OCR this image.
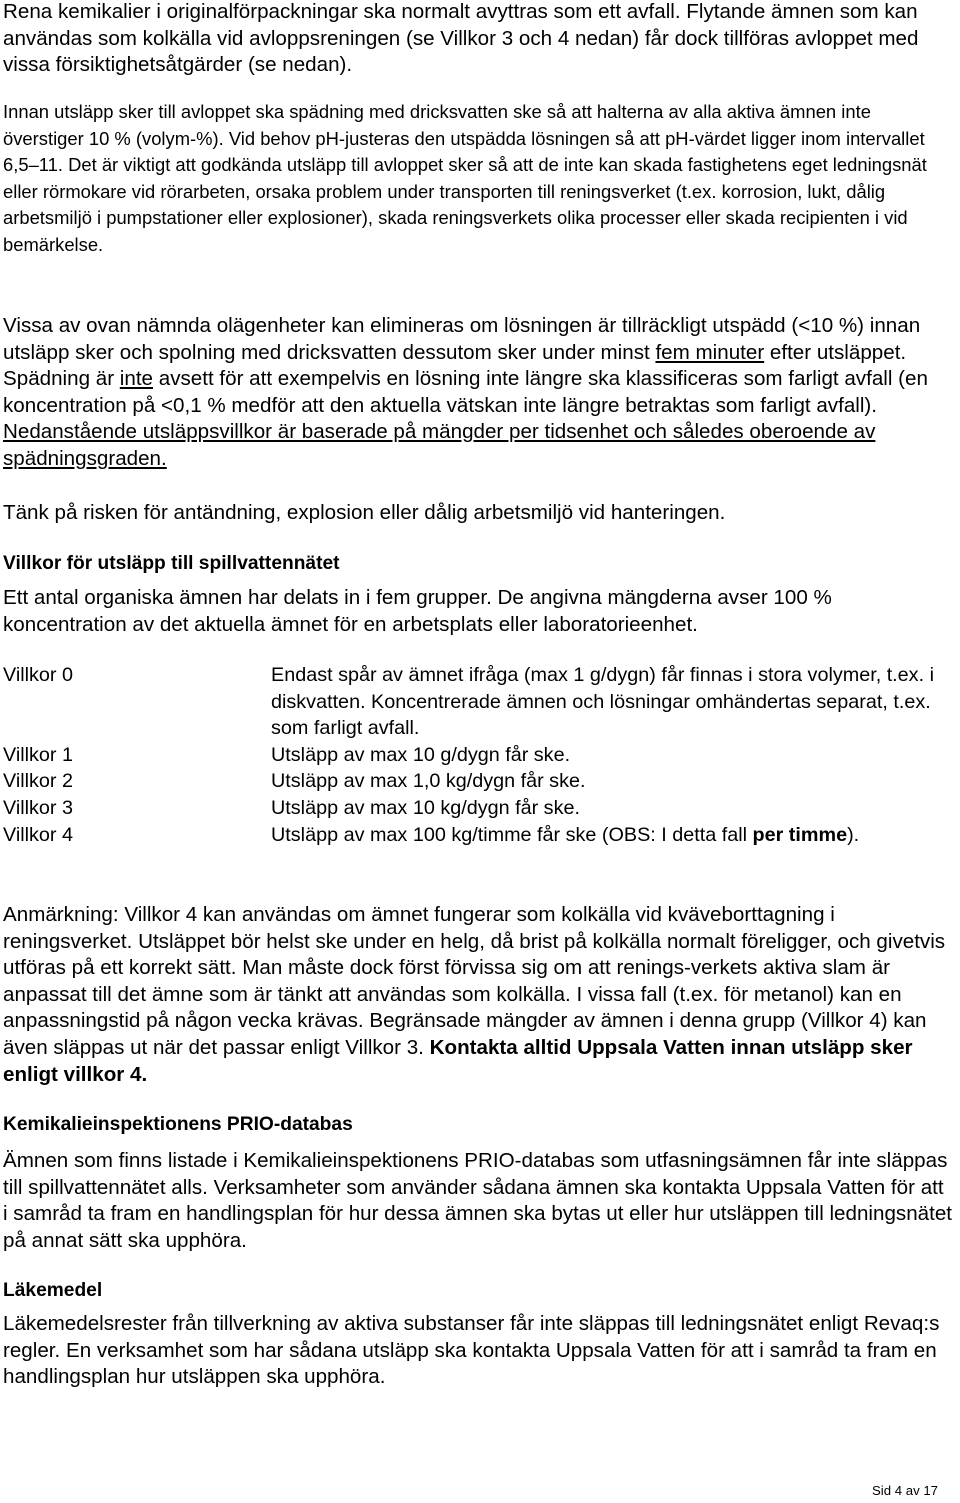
Rena kemikalier i originalförpackningar ska normalt avyttras som ett avfall. Flytande ämnen som kan användas som kolkälla vid avloppsreningen (se Villkor 3 och 4 nedan) får dock tillföras avloppet med vissa försiktighetsåtgärder (se nedan).

Innan utsläpp sker till avloppet ska spädning med dricksvatten ske så att halterna av alla aktiva ämnen inte överstiger 10 % (volym-%). Vid behov pH-justeras den utspädda lösningen så att pH-värdet ligger inom intervallet 6,5–11. Det är viktigt att godkända utsläpp till avloppet sker så att de inte kan skada fastighetens eget ledningsnät eller rörmokare vid rörarbeten, orsaka problem under transporten till reningsverket (t.ex. korrosion, lukt, dålig arbetsmiljö i pumpstationer eller explosioner), skada reningsverkets olika processer eller skada recipienten i vid bemärkelse.

Vissa av ovan nämnda olägenheter kan elimineras om lösningen är tillräckligt utspädd (<10 %) innan utsläpp sker och spolning med dricksvatten dessutom sker under minst fem minuter efter utsläppet. Spädning är inte avsett för att exempelvis en lösning inte längre ska klassificeras som farligt avfall (en koncentration på <0,1 % medför att den aktuella vätskan inte längre betraktas som farligt avfall). Nedanstående utsläppsvillkor är baserade på mängder per tidsenhet och således oberoende av spädningsgraden.

Tänk på risken för antändning, explosion eller dålig arbetsmiljö vid hanteringen.

Villkor för utsläpp till spillvattennätet

Ett antal organiska ämnen har delats in i fem grupper. De angivna mängderna avser 100 % koncentration av det aktuella ämnet för en arbetsplats eller laboratorieenhet.

Villkor 0	Endast spår av ämnet ifråga (max 1 g/dygn) får finnas i stora volymer, t.ex. i diskvatten. Koncentrerade ämnen och lösningar omhändertas separat, t.ex. som farligt avfall.
Villkor 1	Utsläpp av max 10 g/dygn får ske.
Villkor 2	Utsläpp av max 1,0 kg/dygn får ske.
Villkor 3	Utsläpp av max 10 kg/dygn får ske.
Villkor 4	Utsläpp av max 100 kg/timme får ske (OBS: I detta fall per timme).

Anmärkning: Villkor 4 kan användas om ämnet fungerar som kolkälla vid kväveborttagning i reningsverket. Utsläppet bör helst ske under en helg, då brist på kolkälla normalt föreligger, och givetvis utföras på ett korrekt sätt. Man måste dock först förvissa sig om att renings-verkets aktiva slam är anpassat till det ämne som är tänkt att användas som kolkälla. I vissa fall (t.ex. för metanol) kan en anpassningstid på någon vecka krävas. Begränsade mängder av ämnen i denna grupp (Villkor 4) kan även släppas ut när det passar enligt Villkor 3. Kontakta alltid Uppsala Vatten innan utsläpp sker enligt villkor 4.

Kemikalieinspektionens PRIO-databas

Ämnen som finns listade i Kemikalieinspektionens PRIO-databas som utfasningsämnen får inte släppas till spillvattennätet alls. Verksamheter som använder sådana ämnen ska kontakta Uppsala Vatten för att i samråd ta fram en handlingsplan för hur dessa ämnen ska bytas ut eller hur utsläppen till ledningsnätet på annat sätt ska upphöra.

Läkemedel

Läkemedelsrester från tillverkning av aktiva substanser får inte släppas till ledningsnätet enligt Revaq:s regler. En verksamhet som har sådana utsläpp ska kontakta Uppsala Vatten för att i samråd ta fram en handlingsplan hur utsläppen ska upphöra.

Sid 4 av 17
